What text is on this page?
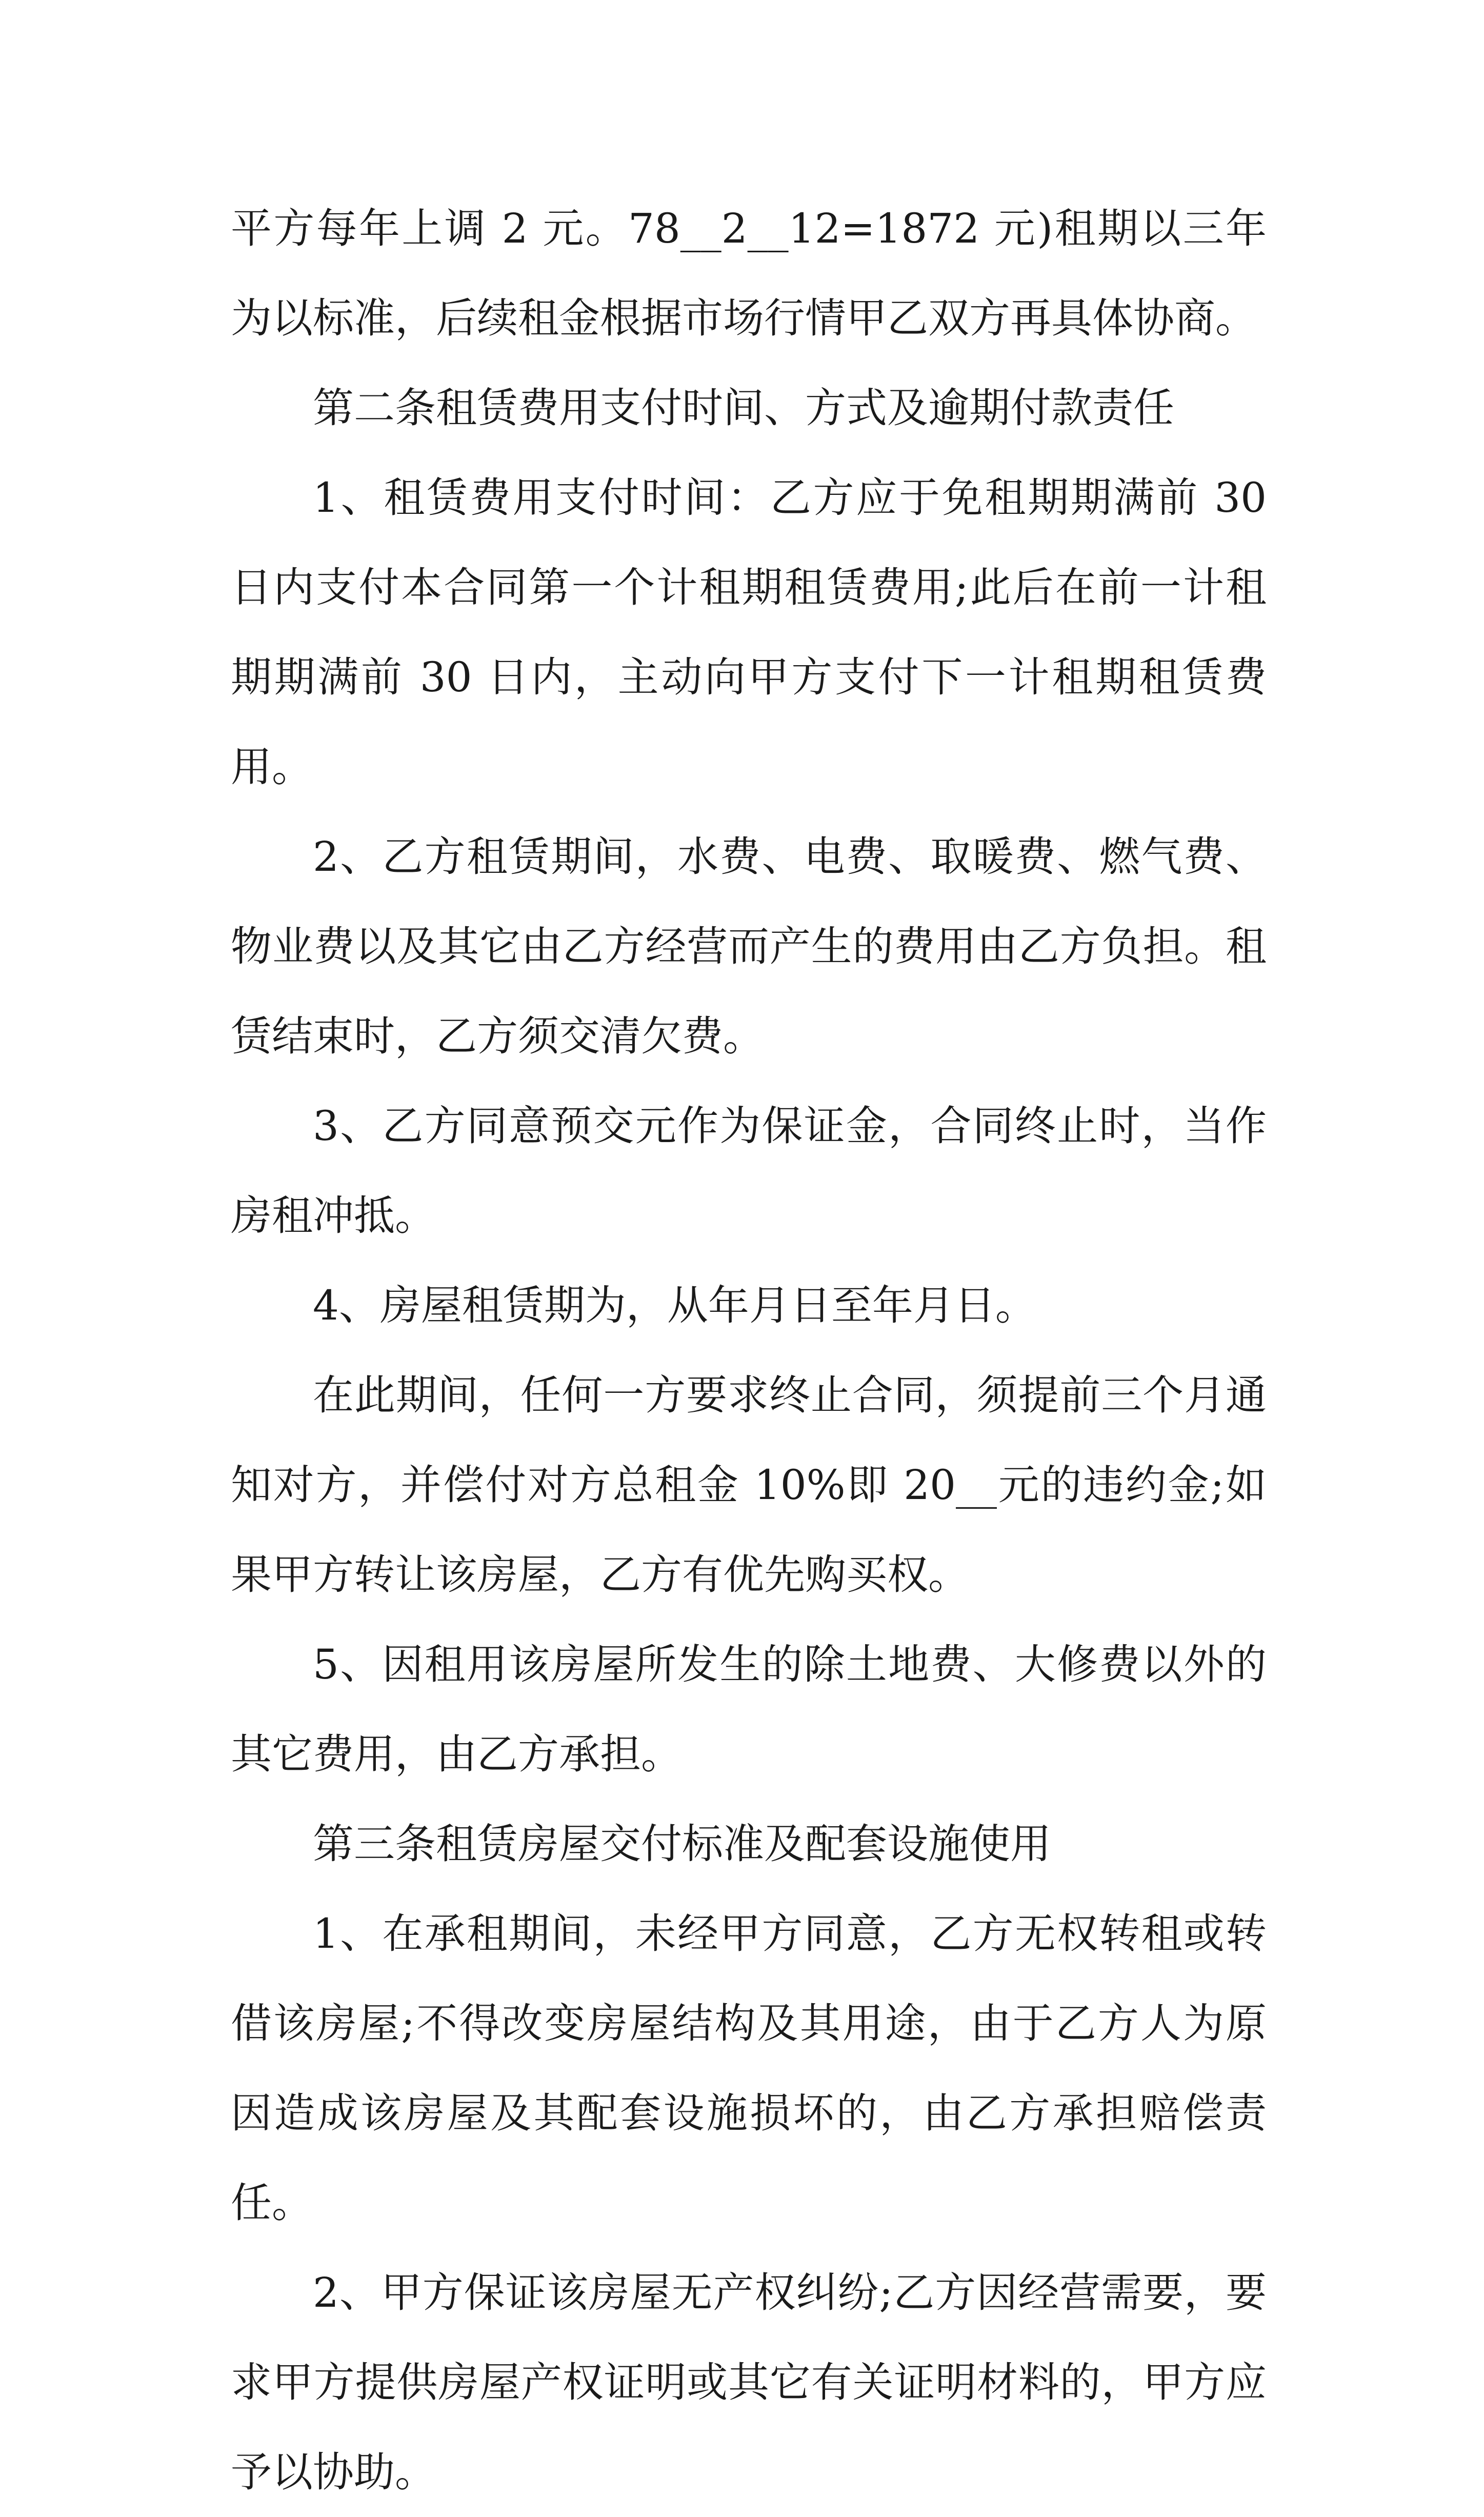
平方每年上调 2 元。78__2__12=1872 元)租期以三年为以标准，后续租金根据市场行情甲乙双方再具体协商。

第二条租赁费用支付时间、方式及逾期付款责任

1、租赁费用支付时间：乙方应于免租期期满前 30 日内支付本合同第一个计租期租赁费用;此后在前一计租期期满前 30 日内，主动向甲方支付下一计租期租赁费用。

2、乙方租赁期间，水费、电费、取暖费、燃气费、物业费以及其它由乙方经营而产生的费用由乙方负担。租赁结束时，乙方须交清欠费。

3、乙方同意预交元作为保证金，合同终止时，当作房租冲抵。

4、房屋租赁期为，从年月日至年月日。

在此期间，任何一方要求终止合同，须提前三个月通知对方，并偿付对方总租金 10%即 20__元的违约金;如果甲方转让该房屋，乙方有优先购买权。

5、因租用该房屋所发生的除土地费、大修费以外的其它费用，由乙方承担。

第三条租赁房屋交付标准及配套设施使用

1、在承租期间，未经甲方同意，乙方无权转租或转借该房屋;不得改变房屋结构及其用途，由于乙方人为原因造成该房屋及其配套设施损坏的，由乙方承担赔偿责任。

2、甲方保证该房屋无产权纠纷;乙方因经营需要，要求甲方提供房屋产权证明或其它有关证明材料的，甲方应予以协助。
